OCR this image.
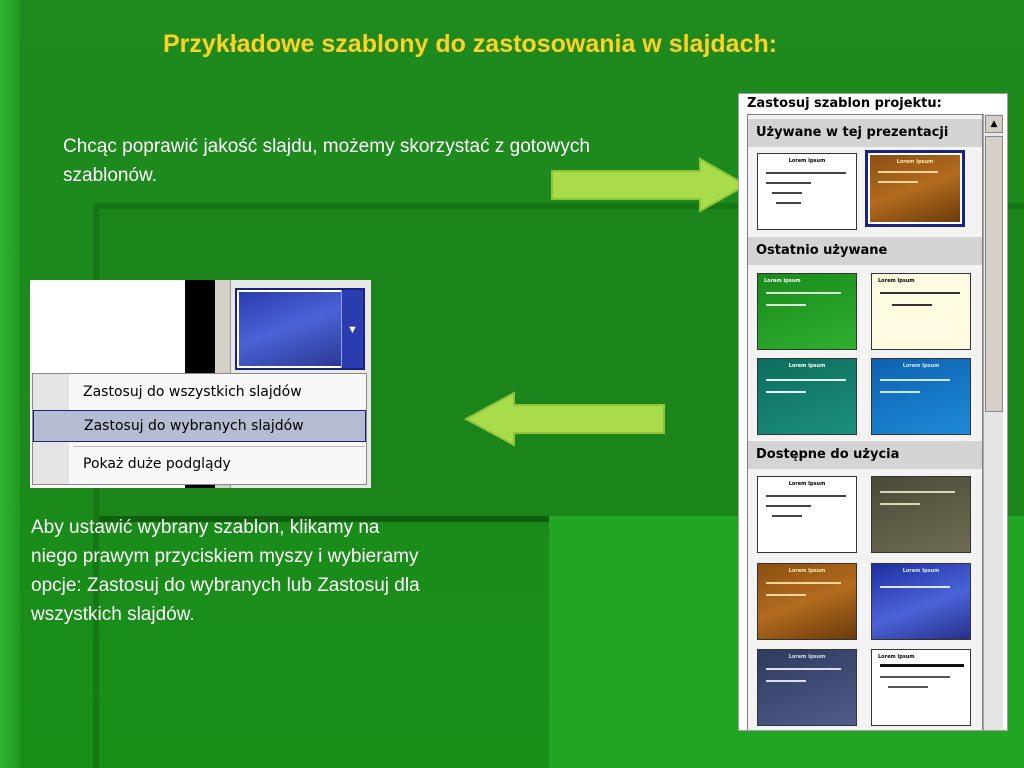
Przykładowe szablony do zastosowania w slajdach:
Chcąc poprawić jakość slajdu, możemy skorzystać z gotowych szablonów.
Aby ustawić wybrany szablon, klikamy na niego prawym przyciskiem myszy i wybieramy opcje: Zastosuj do wybranych lub Zastosuj dla wszystkich slajdów.
Zastosuj szablon projektu:
Używane w tej prezentacji
Lorem Ipsum	Lorem Ipsum
Ostatnio używane
Lorem Ipsum	Lorem Ipsum
Lorem Ipsum	Lorem Ipsum
Dostępne do użycia
Lorem Ipsum
Lorem Ipsum	Lorem Ipsum
Lorem Ipsum	Lorem Ipsum
▲
▼
Zastosuj do wszystkich slajdów
Zastosuj do wybranych slajdów
Pokaż duże podglądy
